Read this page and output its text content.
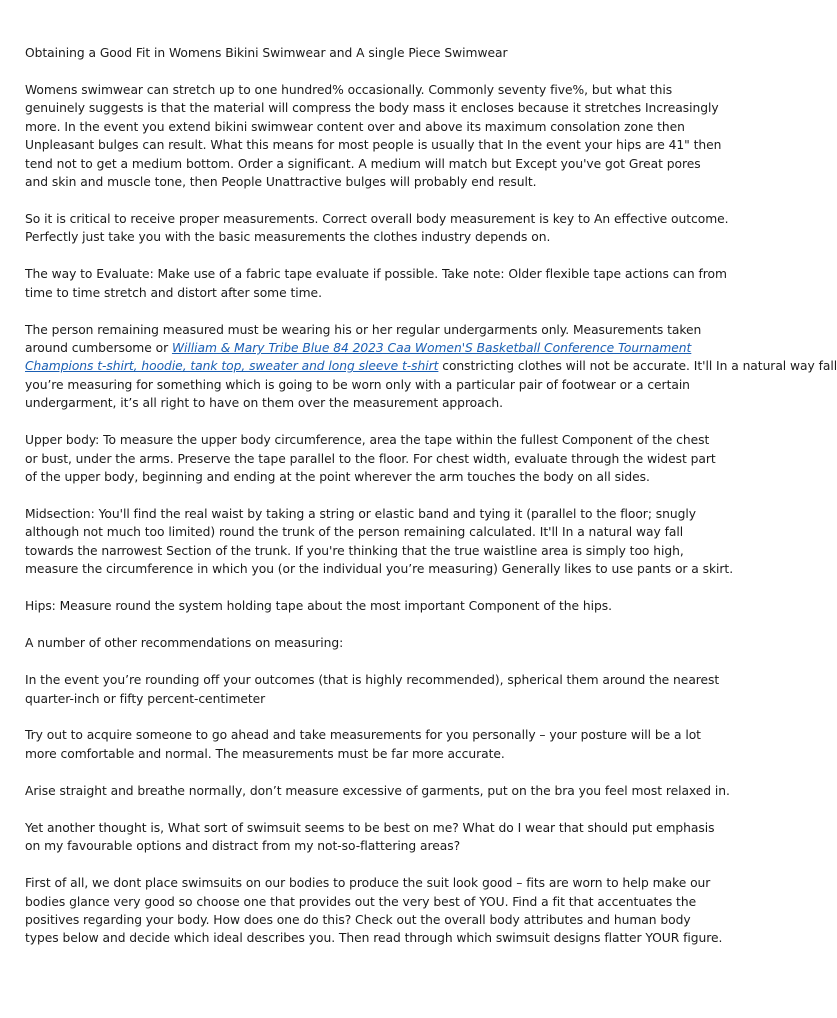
Obtaining a Good Fit in Womens Bikini Swimwear and A single Piece Swimwear
Womens swimwear can stretch up to one hundred% occasionally. Commonly seventy five%, but what this
genuinely suggests is that the material will compress the body mass it encloses because it stretches Increasingly
more. In the event you extend bikini swimwear content over and above its maximum consolation zone then
Unpleasant bulges can result. What this means for most people is usually that In the event your hips are 41" then
tend not to get a medium bottom. Order a significant. A medium will match but Except you've got Great pores
and skin and muscle tone, then People Unattractive bulges will probably end result.
So it is critical to receive proper measurements. Correct overall body measurement is key to An effective outcome.
Perfectly just take you with the basic measurements the clothes industry depends on.
The way to Evaluate: Make use of a fabric tape evaluate if possible. Take note: Older flexible tape actions can from
time to time stretch and distort after some time.
The person remaining measured must be wearing his or her regular undergarments only. Measurements taken
around cumbersome or William & Mary Tribe Blue 84 2023 Caa Women'S Basketball Conference Tournament
Champions t-shirt, hoodie, tank top, sweater and long sleeve t-shirt constricting clothes will not be accurate. It'll In a natural way fall
you’re measuring for something which is going to be worn only with a particular pair of footwear or a certain
undergarment, it’s all right to have on them over the measurement approach.
Upper body: To measure the upper body circumference, area the tape within the fullest Component of the chest
or bust, under the arms. Preserve the tape parallel to the floor. For chest width, evaluate through the widest part
of the upper body, beginning and ending at the point wherever the arm touches the body on all sides.
Midsection: You'll find the real waist by taking a string or elastic band and tying it (parallel to the floor; snugly
although not much too limited) round the trunk of the person remaining calculated. It'll In a natural way fall
towards the narrowest Section of the trunk. If you're thinking that the true waistline area is simply too high,
measure the circumference in which you (or the individual you’re measuring) Generally likes to use pants or a skirt.
Hips: Measure round the system holding tape about the most important Component of the hips.
A number of other recommendations on measuring:
In the event you’re rounding off your outcomes (that is highly recommended), spherical them around the nearest
quarter-inch or fifty percent-centimeter
Try out to acquire someone to go ahead and take measurements for you personally – your posture will be a lot
more comfortable and normal. The measurements must be far more accurate.
Arise straight and breathe normally, don’t measure excessive of garments, put on the bra you feel most relaxed in.
Yet another thought is, What sort of swimsuit seems to be best on me? What do I wear that should put emphasis
on my favourable options and distract from my not-so-flattering areas?
First of all, we dont place swimsuits on our bodies to produce the suit look good – fits are worn to help make our
bodies glance very good so choose one that provides out the very best of YOU. Find a fit that accentuates the
positives regarding your body. How does one do this? Check out the overall body attributes and human body
types below and decide which ideal describes you. Then read through which swimsuit designs flatter YOUR figure.
